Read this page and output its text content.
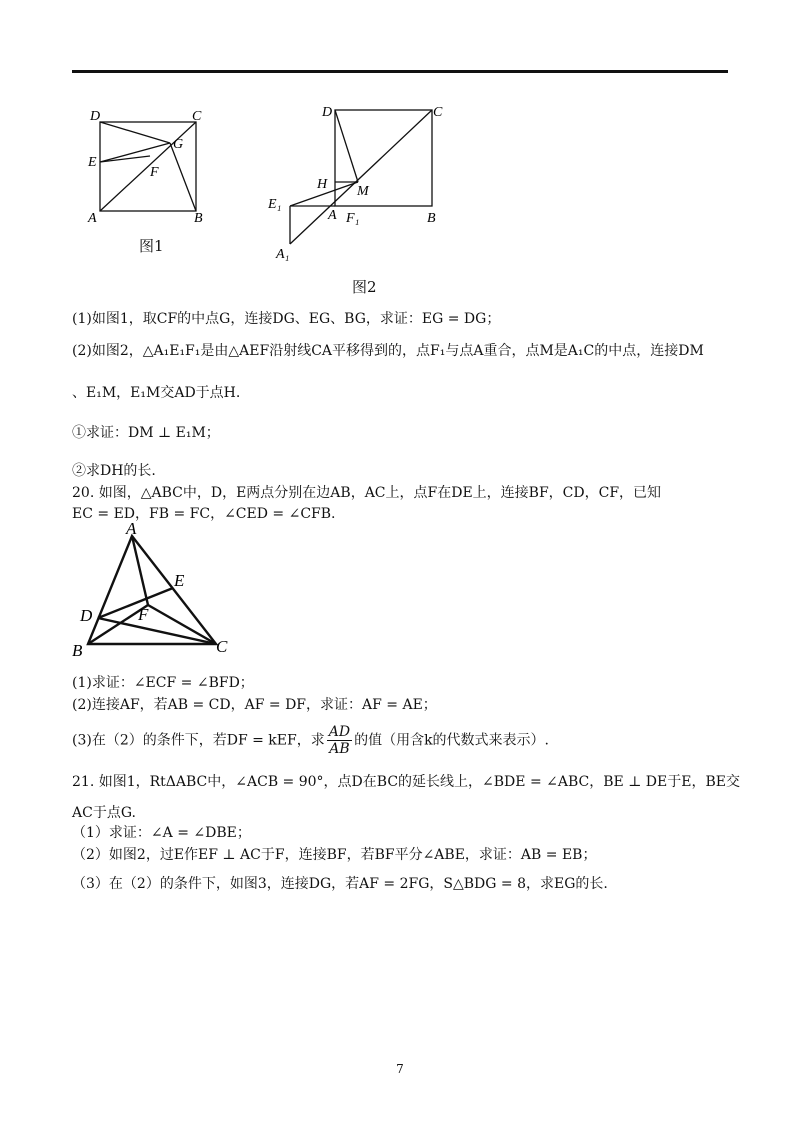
D	C
E
G
F
A	B
图1
D	C
H M
E₁
A F₁	B
A₁
图2
(1)如图1，取CF的中点G，连接DG、EG、BG，求证：EG = DG；
(2)如图2，△A₁E₁F₁是由△AEF沿射线CA平移得到的，点F₁与点A重合，点M是A₁C的中点，连接DM
、E₁M，E₁M交AD于点H.
①求证：DM ⊥ E₁M；
②求DH的长.
20. 如图，△ABC中，D，E两点分别在边AB，AC上，点F在DE上，连接BF，CD，CF，已知
EC = ED，FB = FC，∠CED = ∠CFB.
A
E
F
D
B	C
(1)求证：∠ECF = ∠BFD；
(2)连接AF，若AB = CD，AF = DF，求证：AF = AE；
(3)在（2）的条件下，若DF = kEF，求 $\frac{AD}{AB}$ 的值（用含k的代数式来表示）.
21. 如图1，RtΔABC中，∠ACB = 90°，点D在BC的延长线上，∠BDE = ∠ABC，BE ⊥ DE于E，BE交
AC于点G.
（1）求证：∠A = ∠DBE；
（2）如图2，过E作EF ⊥ AC于F，连接BF，若BF平分∠ABE，求证：AB = EB；
（3）在（2）的条件下，如图3，连接DG，若AF = 2FG，S△BDG = 8，求EG的长.
7
